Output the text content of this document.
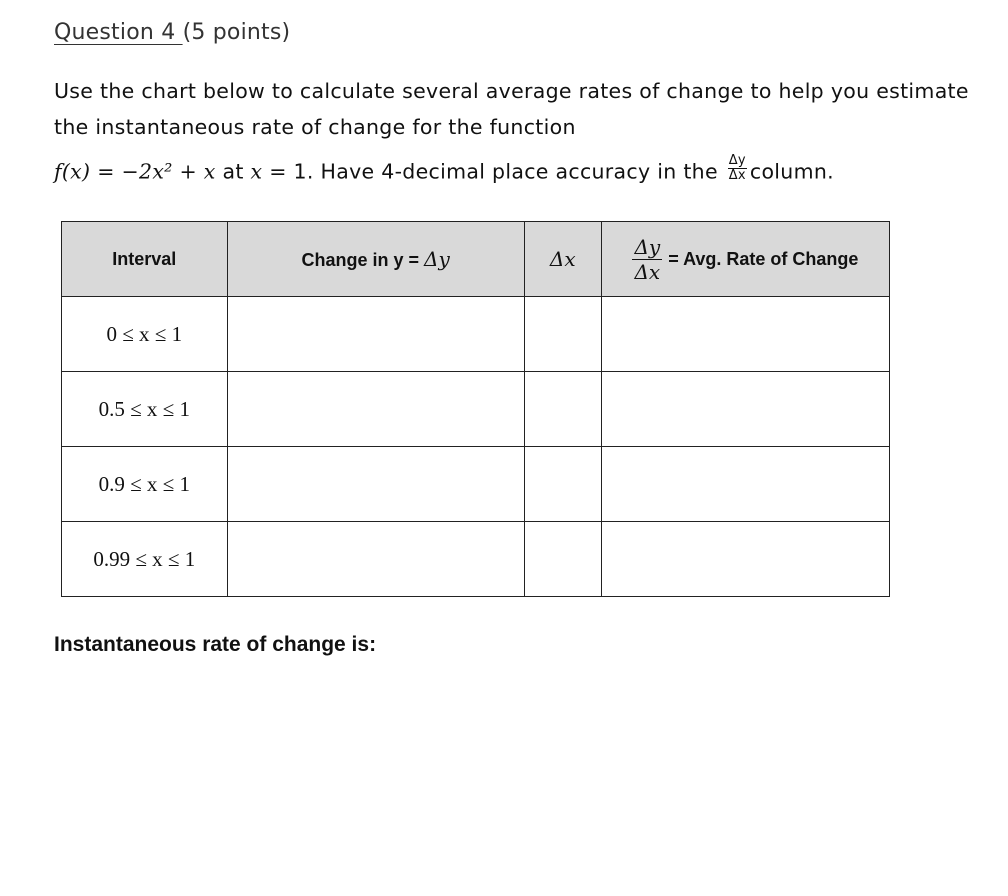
Question 4 (5 points)
Use the chart below to calculate several average rates of change to help you estimate the instantaneous rate of change for the function
f(x) = −2x² + x at x = 1. Have 4-decimal place accuracy in the $\frac{\Delta y}{\Delta x}$ column.
Interval	Change in y = Δy	Δx	$\frac{\Delta y}{\Delta x}$ = Avg. Rate of Change

0 ≤ x ≤ 1			
0.5 ≤ x ≤ 1			
0.9 ≤ x ≤ 1			
0.99 ≤ x ≤ 1			
Instantaneous rate of change is:
